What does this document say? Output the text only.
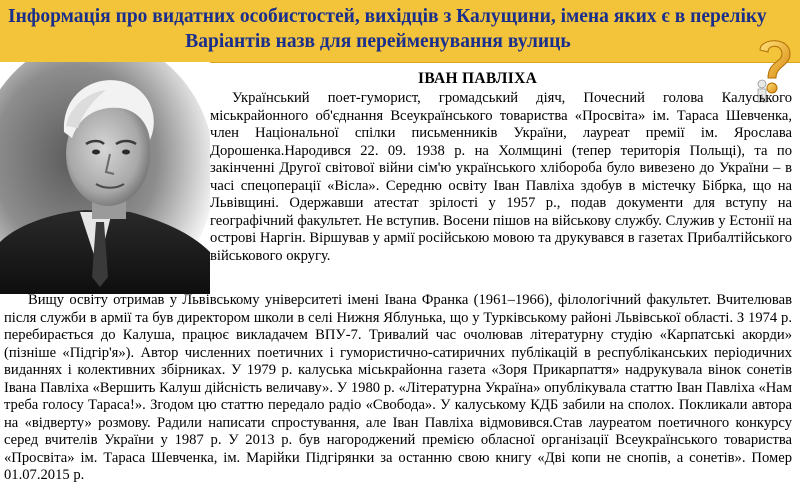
Інформація про видатних особистостей, вихідців з Калущини, імена яких є в переліку
Варіантів назв для перейменування вулиць
ІВАН ПАВЛІХА

Український поет-гуморист, громадський діяч, Почесний голова Калуського міськрайонного об'єднання Всеукраїнського товариства «Просвіта» ім. Тараса Шевченка, член Національної спілки письменників України, лауреат премії ім. Ярослава Дорошенка.Народився 22. 09. 1938 р. на Холмщині (тепер територія Польщі), та по закінченні Другої світової війни сім'ю українського хлібороба було вивезено до України – в часі спецоперації «Вісла». Середню освіту Іван Павліха здобув в містечку Бібрка, що на Львівщині. Одержавши атестат зрілості у 1957 р., подав документи для вступу на географічний факультет. Не вступив. Восени пішов на військову службу. Служив у Естонії на острові Наргін. Віршував у армії російською мовою та друкувався в газетах Прибалтійського військового округу.

Вищу освіту отримав у Львівському університеті імені Івана Франка (1961–1966), філологічний факультет. Вчителював після служби в армії та був директором школи в селі Нижня Яблунька, що у Турківському районі Львівської області. З 1974 р. перебирається до Калуша, працює викладачем ВПУ-7. Тривалий час очолював літературну студію «Карпатські акорди» (пізніше «Підгір'я»). Автор численних поетичних і гумористично-сатиричних публікацій в республіканських періодичних виданнях і колективних збірниках. У 1979 р. калуська міськрайонна газета «Зоря Прикарпаття» надрукувала вінок сонетів Івана Павліха «Вершить Калуш дійсність величаву». У 1980 р. «Літературна Україна» опублікувала статтю Іван Павліха «Нам треба голосу Тараса!». Згодом цю статтю передало радіо «Свобода». У калуському КДБ забили на сполох. Покликали автора на «відверту» розмову. Радили написати спростування, але Іван Павліха відмовився.Став лауреатом поетичного конкурсу серед вчителів України у 1987 р. У 2013 р. був нагороджений премією обласної організації Всеукраїнського товариства «Просвіта» ім. Тараса Шевченка, ім. Марійки Підгірянки за останню свою книгу «Дві копи не снопів, а сонетів». Помер 01.07.2015 р.
